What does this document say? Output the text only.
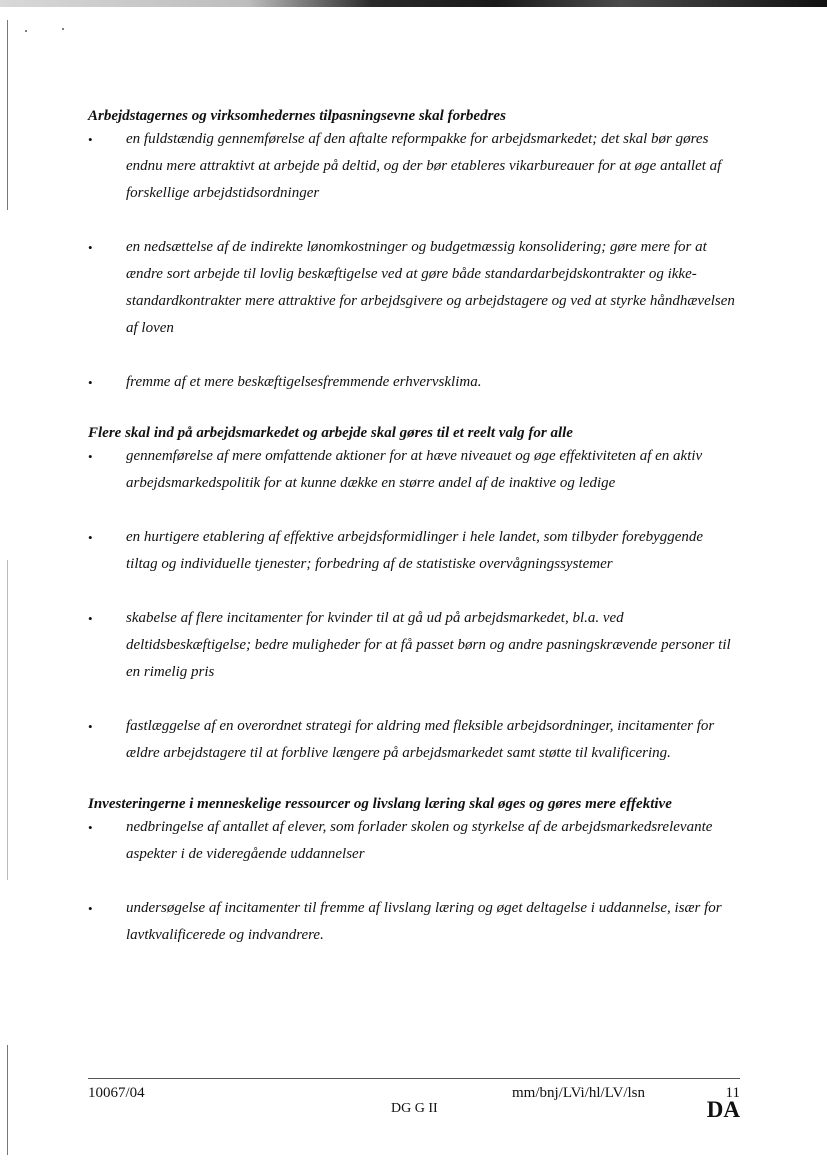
Arbejdstagernes og virksomhedernes tilpasningsevne skal forbedres

• en fuldstændig gennemførelse af den aftalte reformpakke for arbejdsmarkedet; det skal bør gøres endnu mere attraktivt at arbejde på deltid, og der bør etableres vikarbureauer for at øge antallet af forskellige arbejdstidsordninger
• en nedsættelse af de indirekte lønomkostninger og budgetmæssig konsolidering; gøre mere for at ændre sort arbejde til lovlig beskæftigelse ved at gøre både standardarbejdskontrakter og ikke-standardkontrakter mere attraktive for arbejdsgivere og arbejdstagere og ved at styrke håndhævelsen af loven
• fremme af et mere beskæftigelsesfremmende erhvervsklima.

Flere skal ind på arbejdsmarkedet og arbejde skal gøres til et reelt valg for alle

• gennemførelse af mere omfattende aktioner for at hæve niveauet og øge effektiviteten af en aktiv arbejdsmarkedspolitik for at kunne dække en større andel af de inaktive og ledige
• en hurtigere etablering af effektive arbejdsformidlinger i hele landet, som tilbyder forebyggende tiltag og individuelle tjenester; forbedring af de statistiske overvågningssystemer
• skabelse af flere incitamenter for kvinder til at gå ud på arbejdsmarkedet, bl.a. ved deltidsbeskæftigelse; bedre muligheder for at få passet børn og andre pasningskrævende personer til en rimelig pris
• fastlæggelse af en overordnet strategi for aldring med fleksible arbejdsordninger, incitamenter for ældre arbejdstagere til at forblive længere på arbejdsmarkedet samt støtte til kvalificering.

Investeringerne i menneskelige ressourcer og livslang læring skal øges og gøres mere effektive

• nedbringelse af antallet af elever, som forlader skolen og styrkelse af de arbejdsmarkedsrelevante aspekter i de videregående uddannelser
• undersøgelse af incitamenter til fremme af livslang læring og øget deltagelse i uddannelse, især for lavtkvalificerede og indvandrere.
10067/04	mm/bnj/LVi/hl/LV/lsn	11
DG G II	DA
